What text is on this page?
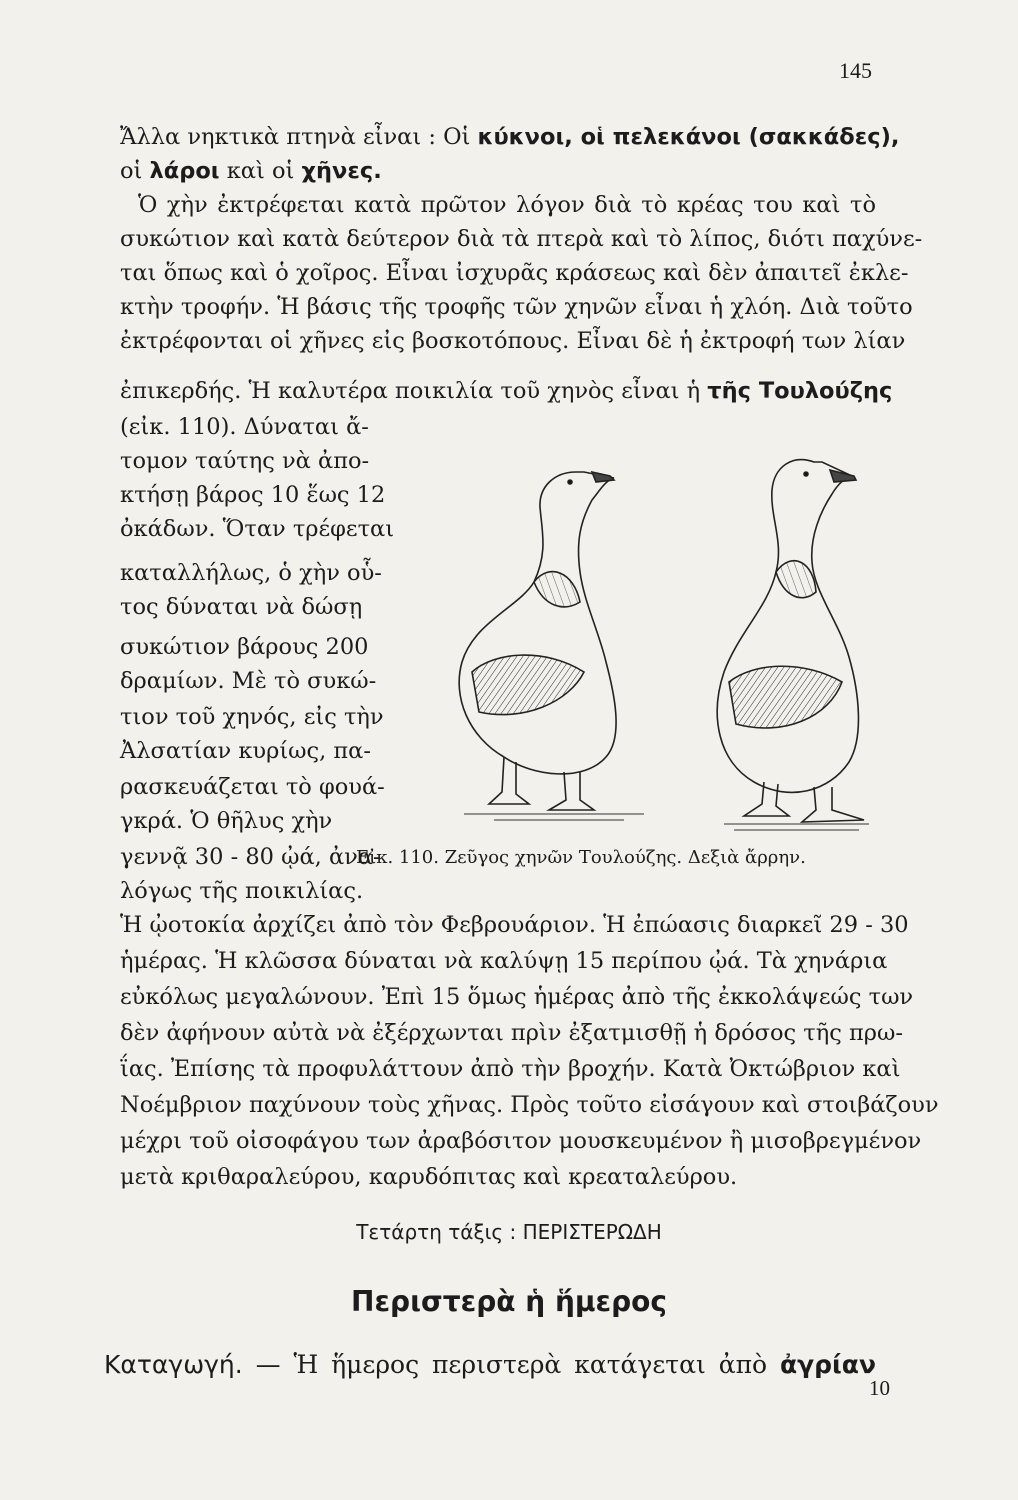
145
Ἄλλα νηκτικὰ πτηνὰ εἶναι : Οἱ κύκνοι, οἱ πελεκάνοι (σακκάδες),
οἱ λάροι καὶ οἱ χῆνες.
Ὁ χὴν ἐκτρέφεται κατὰ πρῶτον λόγον διὰ τὸ κρέας του καὶ τὸ
συκώτιον καὶ κατὰ δεύτερον διὰ τὰ πτερὰ καὶ τὸ λίπος, διότι παχύνε-
ται ὅπως καὶ ὁ χοῖρος. Εἶναι ἰσχυρᾶς κράσεως καὶ δὲν ἀπαιτεῖ ἐκλε-
κτὴν τροφήν. Ἡ βάσις τῆς τροφῆς τῶν χηνῶν εἶναι ἡ χλόη. Διὰ τοῦτο
ἐκτρέφονται οἱ χῆνες εἰς βοσκοτόπους. Εἶναι δὲ ἡ ἐκτροφή των λίαν
ἐπικερδής. Ἡ καλυτέρα ποικιλία τοῦ χηνὸς εἶναι ἡ τῆς Τουλούζης
(εἰκ. 110). Δύναται ἄ-
τομον ταύτης νὰ ἀπο-
κτήσῃ βάρος 10 ἕως 12
ὀκάδων. Ὅταν τρέφεται
καταλλήλως, ὁ χὴν οὗ-
τος δύναται νὰ δώσῃ
συκώτιον βάρους 200
δραμίων. Μὲ τὸ συκώ-
τιον τοῦ χηνός, εἰς τὴν
Ἀλσατίαν κυρίως, πα-
ρασκευάζεται τὸ φουά-
γκρά. Ὁ θῆλυς χὴν
γεννᾷ 30 - 80 ᾠά, ἀνα-
λόγως τῆς ποικιλίας.
Εἰκ. 110. Ζεῦγος χηνῶν Τουλούζης. Δεξιὰ ἄρρην.
Ἡ ᾠοτοκία ἀρχίζει ἀπὸ τὸν Φεβρουάριον. Ἡ ἐπώασις διαρκεῖ 29 - 30
ἡμέρας. Ἡ κλῶσσα δύναται νὰ καλύψῃ 15 περίπου ᾠά. Τὰ χηνάρια
εὐκόλως μεγαλώνουν. Ἐπὶ 15 ὅμως ἡμέρας ἀπὸ τῆς ἐκκολάψεώς των
δὲν ἀφήνουν αὐτὰ νὰ ἐξέρχωνται πρὶν ἐξατμισθῇ ἡ δρόσος τῆς πρω-
ΐας. Ἐπίσης τὰ προφυλάττουν ἀπὸ τὴν βροχήν. Κατὰ Ὀκτώβριον καὶ
Νοέμβριον παχύνουν τοὺς χῆνας. Πρὸς τοῦτο εἰσάγουν καὶ στοιβάζουν
μέχρι τοῦ οἰσοφάγου των ἀραβόσιτον μουσκευμένον ἢ μισοβρεγμένον
μετὰ κριθαραλεύρου, καρυδόπιτας καὶ κρεαταλεύρου.
Τετάρτη τάξις : ΠΕΡΙΣΤΕΡΩΔΗ
Περιστερὰ ἡ ἥμερος
Καταγωγή. — Ἡ ἥμερος περιστερὰ κατάγεται ἀπὸ ἀγρίαν
10
